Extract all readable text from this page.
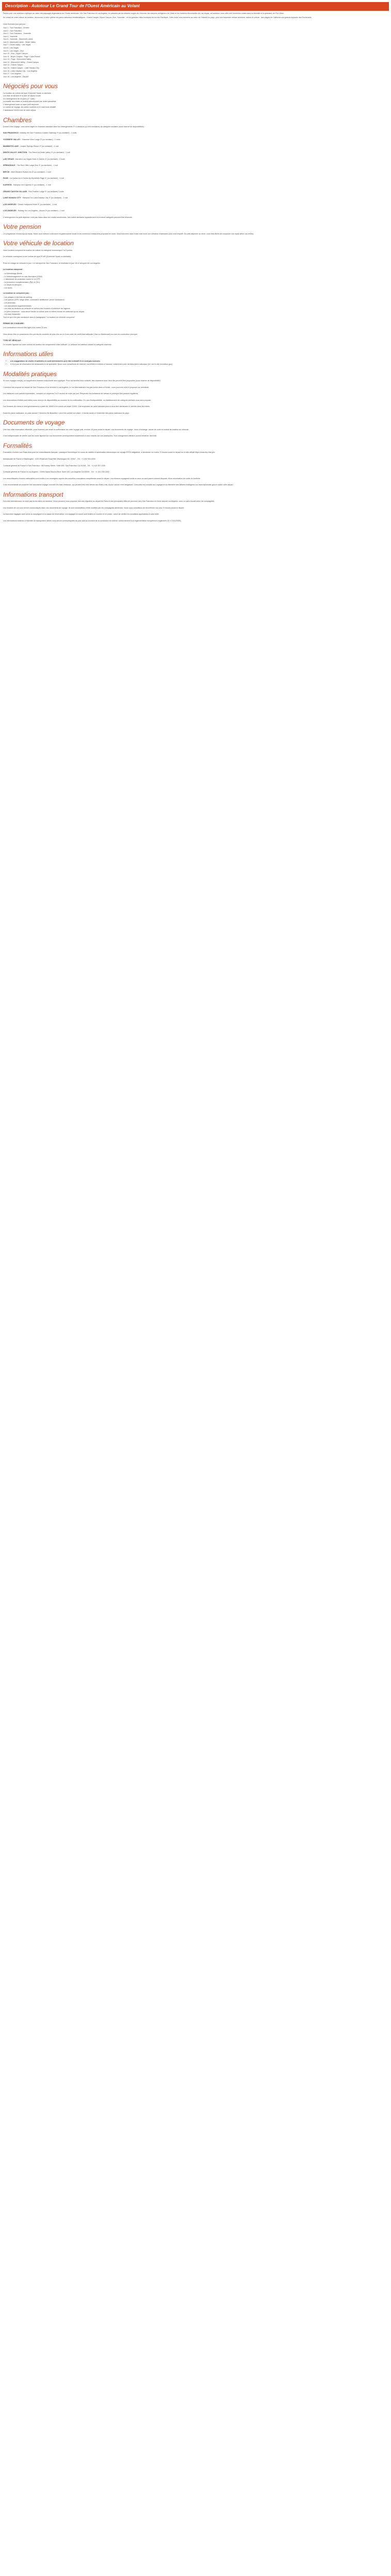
Description - Autotour Le Grand Tour de l'Ouest Américain au Volant

Partez pour une aventure mythique au cœur des paysages légendaires de l'Ouest américain ! De San Francisco à Los Angeles, en passant par les déserts rouges de l'Arizona, les canyons vertigineux de l'Utah et les lumières étincelantes de Las Vegas, cet autotour vous offre une immersion totale dans la diversité et la grandeur de l'Far West.

Au volant de votre voiture de location, découvrez à votre rythme les parcs nationaux emblématiques : Grand Canyon, Bryce Canyon, Zion, Yosemite... et les grandes villes iconiques de la côte Pacifique. Cette route vous emmène au cœur de l'histoire du pays, pour une traversée mêlant aventure, nature et culture : des plages de Californie aux grands espaces des Rocheuses.

Votre itinéraire jour par jour :

Jour 1 - San Francisco - Arrivée

Jour 2 - San Francisco

Jour 3 - San Francisco - Yosemite

Jour 4 - Yosemite

Jour 5 - Yosemite - Mammoth Lakes

Jour 6 - Mammoth Lakes - Death Valley

Jour 7 - Death Valley - Las Vegas

Jour 8 - Las Vegas

Jour 9 - Las Vegas - Zion

Jour 10 - Zion - Bryce Canyon

Jour 11 - Bryce Canyon - Page / Lake Powell

Jour 12 - Page - Monument Valley

Jour 13 - Monument Valley - Grand Canyon

Jour 14 - Grand Canyon

Jour 15 - Grand Canyon - Lake Havasu City

Jour 16 - Lake Havasu City - Los Angeles

Jour 17 - Los Angeles

Jour 18 - Los Angeles - Départ

Négociés pour vous

La location de voiture de type Chevrolet Spark ou similaire.

Les frais de service et la taxe de séjour locale.

Un hébergement de 18 jours (17 nuits).

La totalité des hôtels et motels sélectionnés par notre spécialiste.

L'hébergement avec ou sans petit-déjeuner.

Le carnet de voyage, les cartes routières et le road book détaillé.

L'assistance 24h/24 lors de votre séjour.

Chambres

Durant votre voyage, vous serez logés en chambre standard dans les hébergements 3* ci-dessous (ou très similaires) de catégorie similaire (sous réserve de disponibilités) :

SAN FRANCISCO : Holiday Inn San Francisco Golden Gateway 3* (ou similaire) - 2 nuits

YOSEMITE VALLEY : Yosemite View Lodge 3* (ou similaire) - 2 nuits

MAMMOTH LAKE : Juniper Springs Resort 3* (ou similaire) - 1 nuit

DEATH VALLEY JUNCTION : The Ranch at Death Valley 3* (ou similaire) - 1 nuit

LAS VEGAS : Harrah's Las Vegas Hotel & Casino 3* (ou similaire) - 2 nuits

SPRINGDALE : The Red Cliffs Lodge Zion 3* (ou similaire) - 1 nuit

BRYCE : Best Western Ruby's Inn 3* (ou similaire) - 1 nuit

PAGE : La Quinta Inn & Suites by Wyndham Page 3* (ou similaire) - 1 nuit

KAYENTA : Hampton Inn Kayenta 3* (ou similaire) - 1 nuit

GRAND CANYON VILLAGE : Red Feather Lodge 3* (ou similaire) 2 nuits

LAKE HAVASU CITY : Hampton Inn Lake Havasu City 3* (ou similaire) - 1 nuit

LOS ANGELES : Ocean Hollywood Hotel 3* (ou similaire) - 1 nuit

LOS ANGELES : Holiday Inn Los Angeles - Airport 3* (ou similaire) - 1 nuit

L'hébergement du petit déjeuner n'est pas inclus dans les motels mentionnés. Des hôtels similaires appartiennent à la même catégorie peuvent être réservés.

Votre pension

Ce programme n'inclut aucun repas. Nous vous invitons à découvrir la gastronomie locale et les nombreux restaurants proposés en route. Vous trouverez dans notre road book une sélection d'adresses pour vous inspirer. Du petit déjeuner au dîner, vous êtes libres de composer vos repas selon vos envies.

Votre véhicule de location

Votre location comprend la location de voiture en catégorie économique 2 à 4 portes.

Le véhicule correspond à une voiture de type ECAR (Chevrolet Spark ou similaire).

Prise en charge du véhicule le jour 1 à l'aéroport de San Francisco, et restitution le jour 18 à l'aéroport de Los Angeles.

La location comprend :

- Le kilométrage illimité

- Le dédommagement en cas d'accident (CDW)

- L'assurance de protection contre le vol (TP)

- La protection complémentaire (PAI) et (SLI)

- Le dépôt en aéroport

- Les taxes

La location ne comprend pas :

- Les péages et les frais de parking

- Les options (GPS, siège bébé, conducteur additionnel, jeune conducteur)

- Les amendes

- Les assurances supplémentaires

- Les frais de livraison du véhicule en dehors des horaires d'ouverture de l'agence

- Le plein d'essence : vous devez rendre la voiture avec le même niveau de carburant qu'au départ.

- Les frais d'abandon

Tout ce qui n'est pas mentionné dans le paragraphe "La location du véhicule comprend"

PERMIS DE CONDUIRE :

Les conducteurs doivent être âgés d'au moins 25 ans.

Vous devez être en possession d'un permis de conduire de plus d'un an et d'une carte de crédit internationale (Visa ou Mastercard) au nom du conducteur principal.

TYPE DE VÉHICULE :

Le modèle figurant sur votre contrat de location est uniquement à titre indicatif. Le véhicule est attribué suivant la catégorie réservée.

Informations utiles
• Les suggestions de visites et activités ne sont mentionnées qu'à titre indicatif et ne sont pas incluses.
• Il n'y a pas de réservation de restaurants ni de spectacle. Nous vous conseillons de réserver vos billets et entrées à l'avance, notamment pour certains parcs nationaux (ex. sur le site recreation.gov).
Modalités pratiques

Si vous voyagez seul(e), un supplément chambre individuelle sera appliqué. Pour les familles avec enfants, des chambres avec deux lits peuvent être proposées (sous réserve de disponibilité).

L'autotour est proposé au départ de San Francisco et se termine à Los Angeles. Le vol international n'est pas inclus dans ce forfait ; nous pouvons vous le proposer sur demande.

Les distances sont parfois importantes ; comptez en moyenne 3 à 5 heures de route par jour. Respectez les limitations de vitesse et prévoyez des pauses régulières.

Les réservations d'hôtels sont faites sous réserve de disponibilités au moment de la confirmation. En cas d'indisponibilité, un établissement de catégorie similaire vous sera proposé.

Les horaires de check-in sont généralement à partir de 15h00 et le check-out avant 11h00. Une empreinte de carte bancaire pourra vous être demandée à l'arrivée dans les hôtels.

Dans les parcs nationaux, un pass annuel « America the Beautiful » peut être acheté sur place ; il donne accès à l'ensemble des parcs nationaux du pays.

Documents de voyage

Une fois votre réservation effectuée, vous recevrez par email la confirmation de votre voyage puis, environ 15 jours avant le départ, vos documents de voyage : bons d'échange, carnet de route et contrat de location du véhicule.

Il est indispensable de vérifier que les noms figurant sur vos documents correspondent exactement à ceux inscrits sur vos passeports. Tout changement ultérieur pourra entraîner des frais.

Formalités

Formalités d'entrée aux États-Unis pour les ressortissants français : passeport biométrique en cours de validité et autorisation électronique de voyage ESTA obligatoire, à demander au moins 72 heures avant le départ sur le site officiel https://esta.cbp.dhs.gov.

Ambassade de France à Washington : 4101 Reservoir Road NW, Washington DC 20007 - Tél : +1 202 944 6000

Consulat général de France à San Francisco : 88 Kearny Street, Suite 600, San Francisco CA 94108 - Tél : +1 415 397 4330

Consulat général de France à Los Angeles : 10390 Santa Monica Blvd, Suite 410, Los Angeles CA 90025 - Tél : +1 310 235 3200

Les ressortissants d'autres nationalités sont invités à se renseigner auprès des autorités consulaires compétentes avant le départ. Les mineurs voyageant seuls ou avec un seul parent doivent disposer d'une autorisation de sortie du territoire.

Il est recommandé de souscrire une assurance voyage couvrant les frais médicaux, qui peuvent être très élevés aux États-Unis. Aucun vaccin n'est obligatoire. Consultez les conseils aux voyageurs du Ministère des Affaires étrangères sur www.diplomatie.gouv.fr avant votre départ.

Informations transport

Les vols internationaux ne sont pas inclus dans cet autotour. Nous pouvons vous proposer des vols réguliers au départ de Paris et des principales villes de province vers San Francisco et retour depuis Los Angeles, avec ou sans escale selon les compagnies.

Les horaires de vol vous seront communiqués dans vos documents de voyage. Ils sont susceptibles d'être modifiés par les compagnies aériennes. Nous vous conseillons de reconfirmer vos vols 72 heures avant le départ.

La franchise bagages varie selon la compagnie et la classe de réservation. Les bagages en soute sont limités en nombre et en poids ; merci de vérifier les conditions applicables à votre billet.

Les informations relatives à l'identité du transporteur aérien vous seront communiquées au plus tard au moment de la conclusion du contrat, conformément à la réglementation européenne (règlement CE n°2111/2005).
